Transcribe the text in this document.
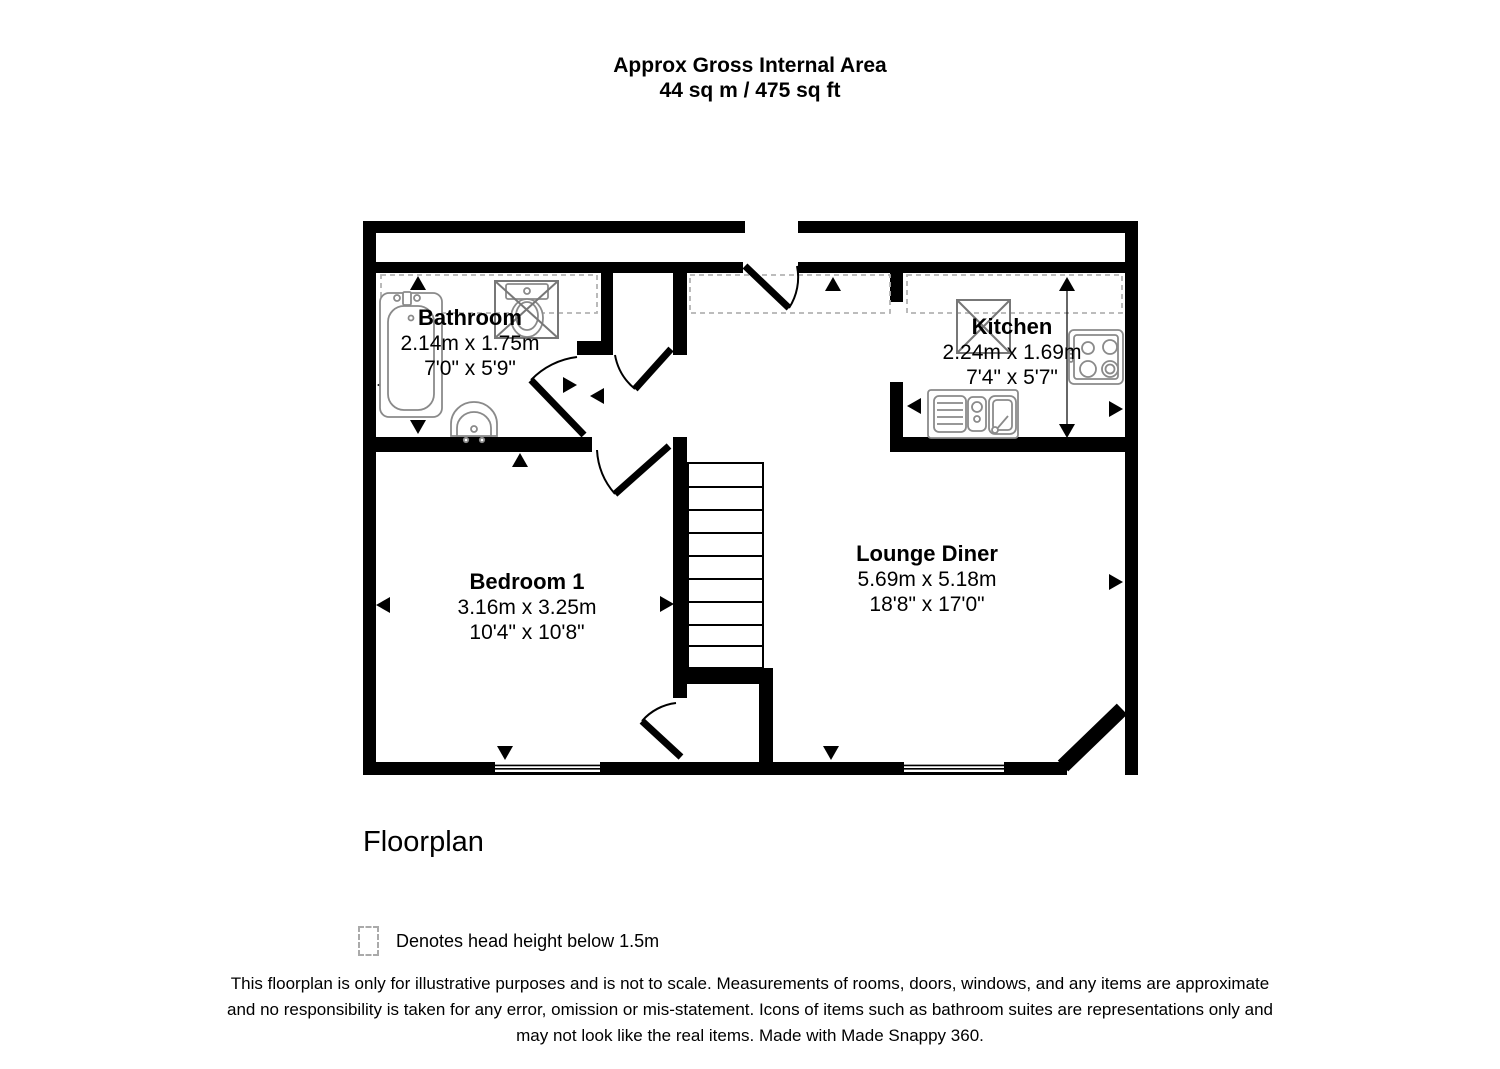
Approx Gross Internal Area
44 sq m / 475 sq ft
Bathroom
2.14m x 1.75m
7'0" x 5'9"
Kitchen
2.24m x 1.69m
7'4" x 5'7"
Bedroom 1
3.16m x 3.25m
10'4" x 10'8"
Lounge Diner
5.69m x 5.18m
18'8" x 17'0"
Floorplan
Denotes head height below 1.5m
This floorplan is only for illustrative purposes and is not to scale. Measurements of rooms, doors, windows, and any items are approximate
and no responsibility is taken for any error, omission or mis-statement. Icons of items such as bathroom suites are representations only and
may not look like the real items. Made with Made Snappy 360.
